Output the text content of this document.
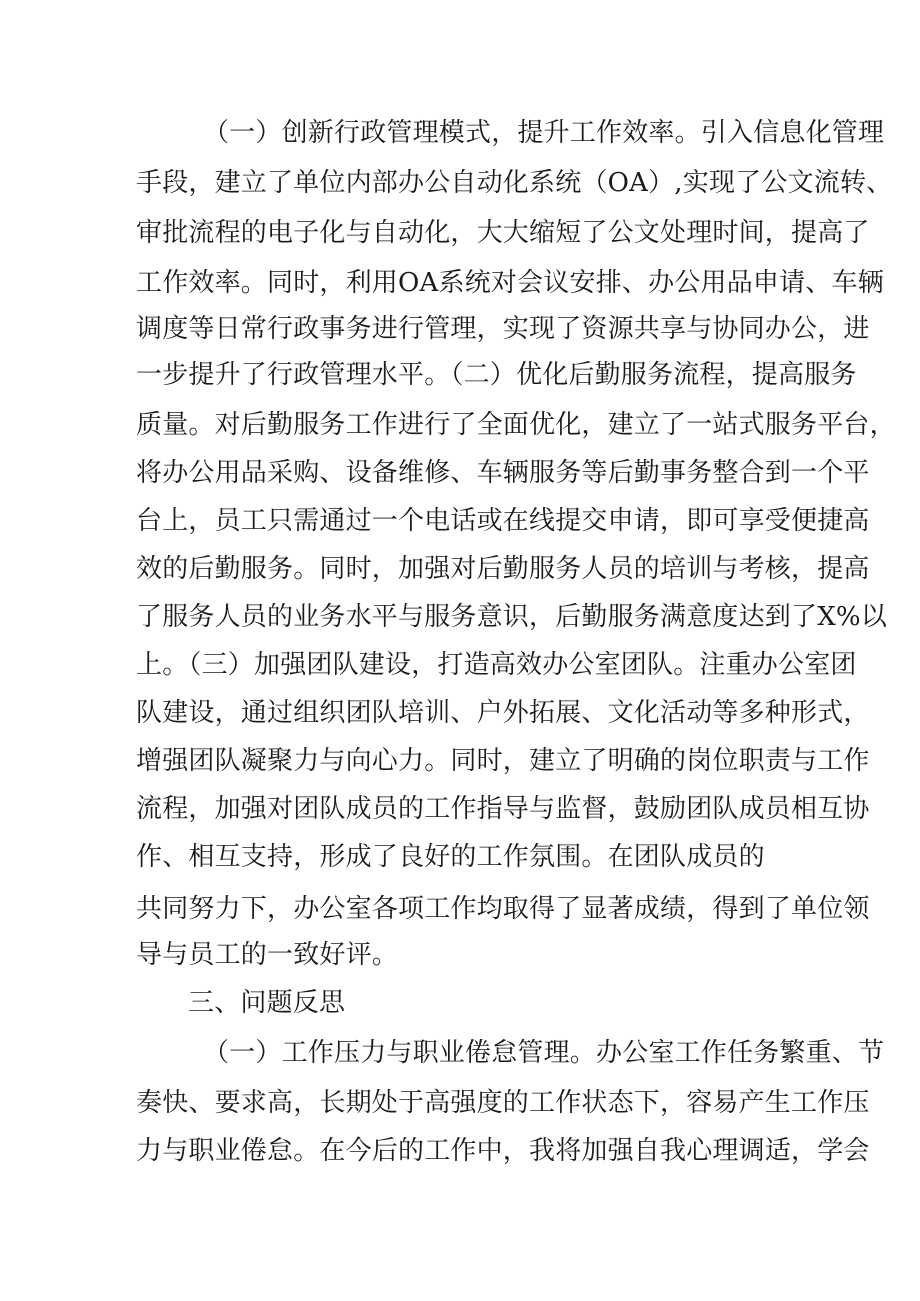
（一）创新行政管理模式，提升工作效率。引入信息化管理
手段，建立了单位内部办公自动化系统（OA）,实现了公文流转、
审批流程的电子化与自动化，大大缩短了公文处理时间，提高了
工作效率。同时，利用OA系统对会议安排、办公用品申请、车辆
调度等日常行政事务进行管理，实现了资源共享与协同办公，进
一步提升了行政管理水平。（二）优化后勤服务流程，提高服务
质量。对后勤服务工作进行了全面优化，建立了一站式服务平台，
将办公用品采购、设备维修、车辆服务等后勤事务整合到一个平
台上，员工只需通过一个电话或在线提交申请，即可享受便捷高
效的后勤服务。同时，加强对后勤服务人员的培训与考核，提高
了服务人员的业务水平与服务意识，后勤服务满意度达到了X%以
上。（三）加强团队建设，打造高效办公室团队。注重办公室团
队建设，通过组织团队培训、户外拓展、文化活动等多种形式，
增强团队凝聚力与向心力。同时，建立了明确的岗位职责与工作
流程，加强对团队成员的工作指导与监督，鼓励团队成员相互协
作、相互支持，形成了良好的工作氛围。在团队成员的
共同努力下，办公室各项工作均取得了显著成绩，得到了单位领
导与员工的一致好评。
三、问题反思
（一）工作压力与职业倦怠管理。办公室工作任务繁重、节
奏快、要求高，长期处于高强度的工作状态下，容易产生工作压
力与职业倦怠。在今后的工作中，我将加强自我心理调适，学会
